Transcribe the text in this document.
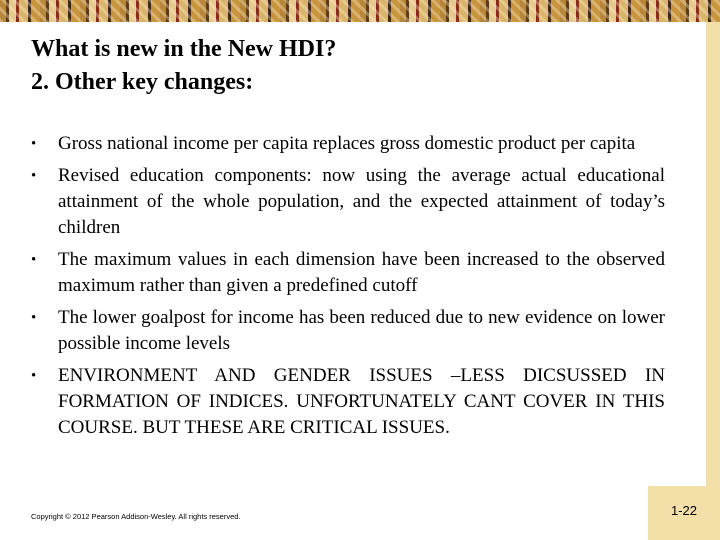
What is new in the New HDI?
2. Other key changes:
•	Gross national income per capita replaces gross domestic product per capita
•	Revised education components: now using the average actual educational attainment of the whole population, and the expected attainment of today’s children
•	The maximum values in each dimension have been increased to the observed maximum rather than given a predefined cutoff
•	The lower goalpost for income has been reduced due to new evidence on lower possible income levels
•	ENVIRONMENT AND GENDER ISSUES –LESS DICSUSSED IN FORMATION OF INDICES. UNFORTUNATELY CANT COVER IN THIS COURSE. BUT THESE ARE CRITICAL ISSUES.
Copyright © 2012 Pearson Addison-Wesley. All rights reserved.	1-22
